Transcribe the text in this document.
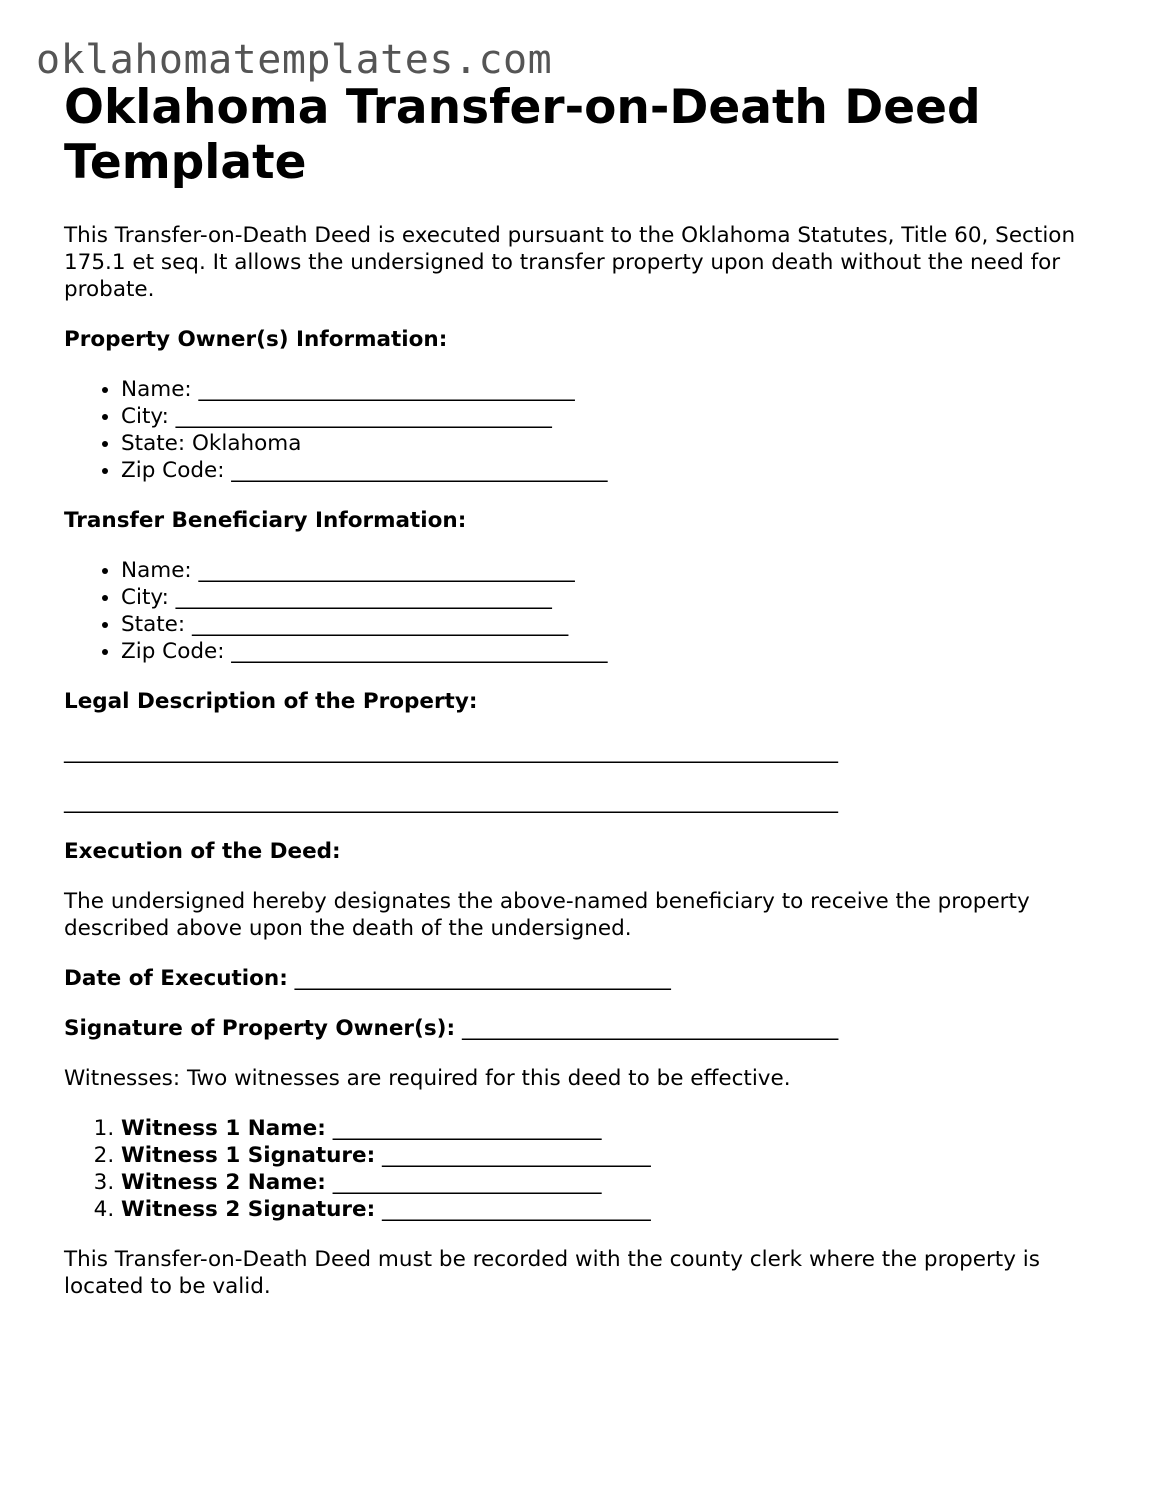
oklahomatemplates.com
Oklahoma Transfer-on-Death Deed Template

This Transfer-on-Death Deed is executed pursuant to the Oklahoma Statutes, Title 60, Section 175.1 et seq. It allows the undersigned to transfer property upon death without the need for probate.

Property Owner(s) Information:
• Name: ___________________________________
• City: ___________________________________
• State: Oklahoma
• Zip Code: ___________________________________
Transfer Beneficiary Information:
• Name: ___________________________________
• City: ___________________________________
• State: ___________________________________
• Zip Code: ___________________________________
Legal Description of the Property:
________________________________________________________________________
________________________________________________________________________
Execution of the Deed:

The undersigned hereby designates the above-named beneficiary to receive the property described above upon the death of the undersigned.

Date of Execution: ___________________________________

Signature of Property Owner(s): ___________________________________

Witnesses: Two witnesses are required for this deed to be effective.

1. Witness 1 Name: _________________________
2. Witness 1 Signature: _________________________
3. Witness 2 Name: _________________________
4. Witness 2 Signature: _________________________

This Transfer-on-Death Deed must be recorded with the county clerk where the property is located to be valid.
